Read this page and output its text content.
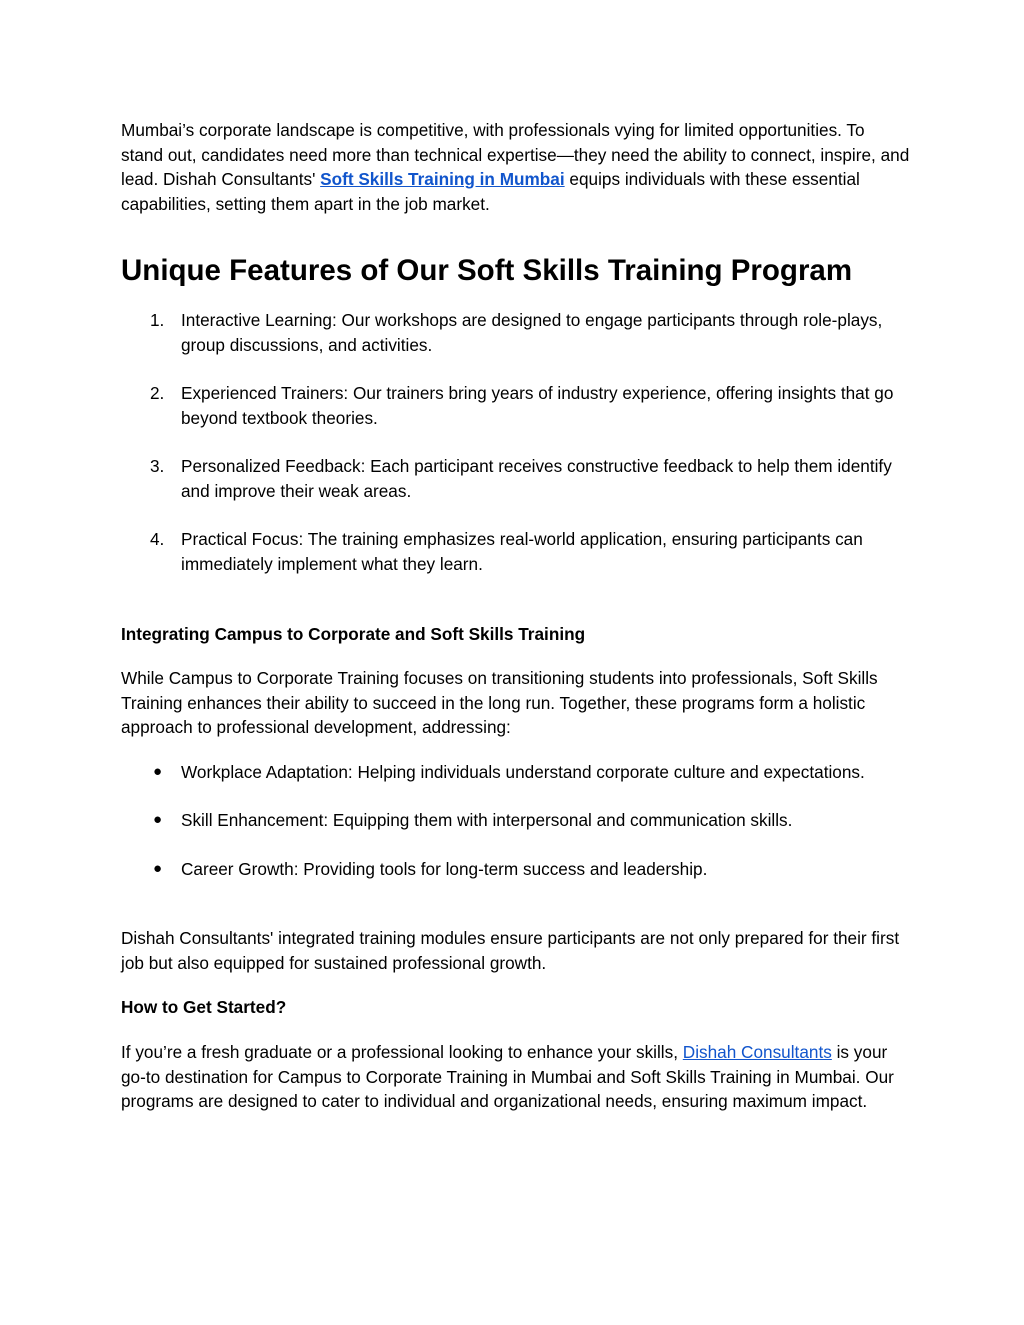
Mumbai’s corporate landscape is competitive, with professionals vying for limited opportunities. To stand out, candidates need more than technical expertise—they need the ability to connect, inspire, and lead. Dishah Consultants' Soft Skills Training in Mumbai equips individuals with these essential capabilities, setting them apart in the job market.

Unique Features of Our Soft Skills Training Program
1. Interactive Learning: Our workshops are designed to engage participants through role-plays, group discussions, and activities.
2. Experienced Trainers: Our trainers bring years of industry experience, offering insights that go beyond textbook theories.
3. Personalized Feedback: Each participant receives constructive feedback to help them identify and improve their weak areas.
4. Practical Focus: The training emphasizes real-world application, ensuring participants can immediately implement what they learn.
Integrating Campus to Corporate and Soft Skills Training

While Campus to Corporate Training focuses on transitioning students into professionals, Soft Skills Training enhances their ability to succeed in the long run. Together, these programs form a holistic approach to professional development, addressing:

● Workplace Adaptation: Helping individuals understand corporate culture and expectations.
● Skill Enhancement: Equipping them with interpersonal and communication skills.
● Career Growth: Providing tools for long-term success and leadership.

Dishah Consultants' integrated training modules ensure participants are not only prepared for their first job but also equipped for sustained professional growth.

How to Get Started?

If you’re a fresh graduate or a professional looking to enhance your skills, Dishah Consultants is your go-to destination for Campus to Corporate Training in Mumbai and Soft Skills Training in Mumbai. Our programs are designed to cater to individual and organizational needs, ensuring maximum impact.
